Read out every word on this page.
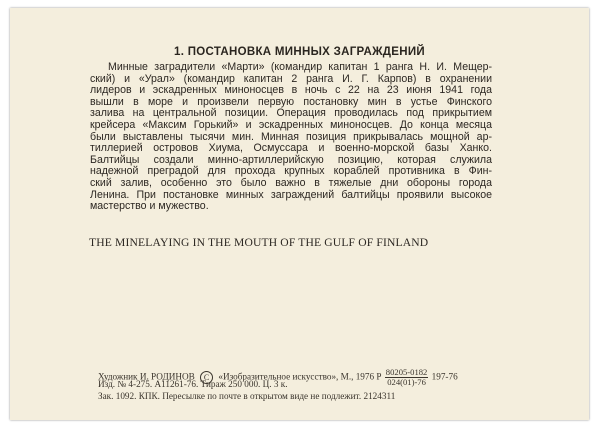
1. ПОСТАНОВКА МИННЫХ ЗАГРАЖДЕНИЙ
Минные заградители «Марти» (командир капитан 1 ранга Н. И. Мещер-
ский) и «Урал» (командир капитан 2 ранга И. Г. Карпов) в охранении
лидеров и эскадренных миноносцев в ночь с 22 на 23 июня 1941 года
вышли в море и произвели первую постановку мин в устье Финского
залива на центральной позиции. Операция проводилась под прикрытием
крейсера «Максим Горький» и эскадренных миноносцев. До конца месяца
были выставлены тысячи мин. Минная позиция прикрывалась мощной ар-
тиллерией островов Хиума, Осмуссара и военно-морской базы Ханко.
Балтийцы создали минно-артиллерийскую позицию, которая служила
надежной преградой для прохода крупных кораблей противника в Фин-
ский залив, особенно это было важно в тяжелые дни обороны города
Ленина. При постановке минных заграждений балтийцы проявили высокое
мастерство и мужество.
THE MINELAYING IN THE MOUTH OF THE GULF OF FINLAND
Художник И. РОДИНОВ С «Изобразительное искусство», М., 1976 Р $\frac{80205-0182}{024(01)-76} 197-76$
Изд. № 4-275. А11261-76. Тираж 250 000. Ц. 3 к.
Зак. 1092. КПК. Пересылке по почте в открытом виде не подлежит. 2124311
